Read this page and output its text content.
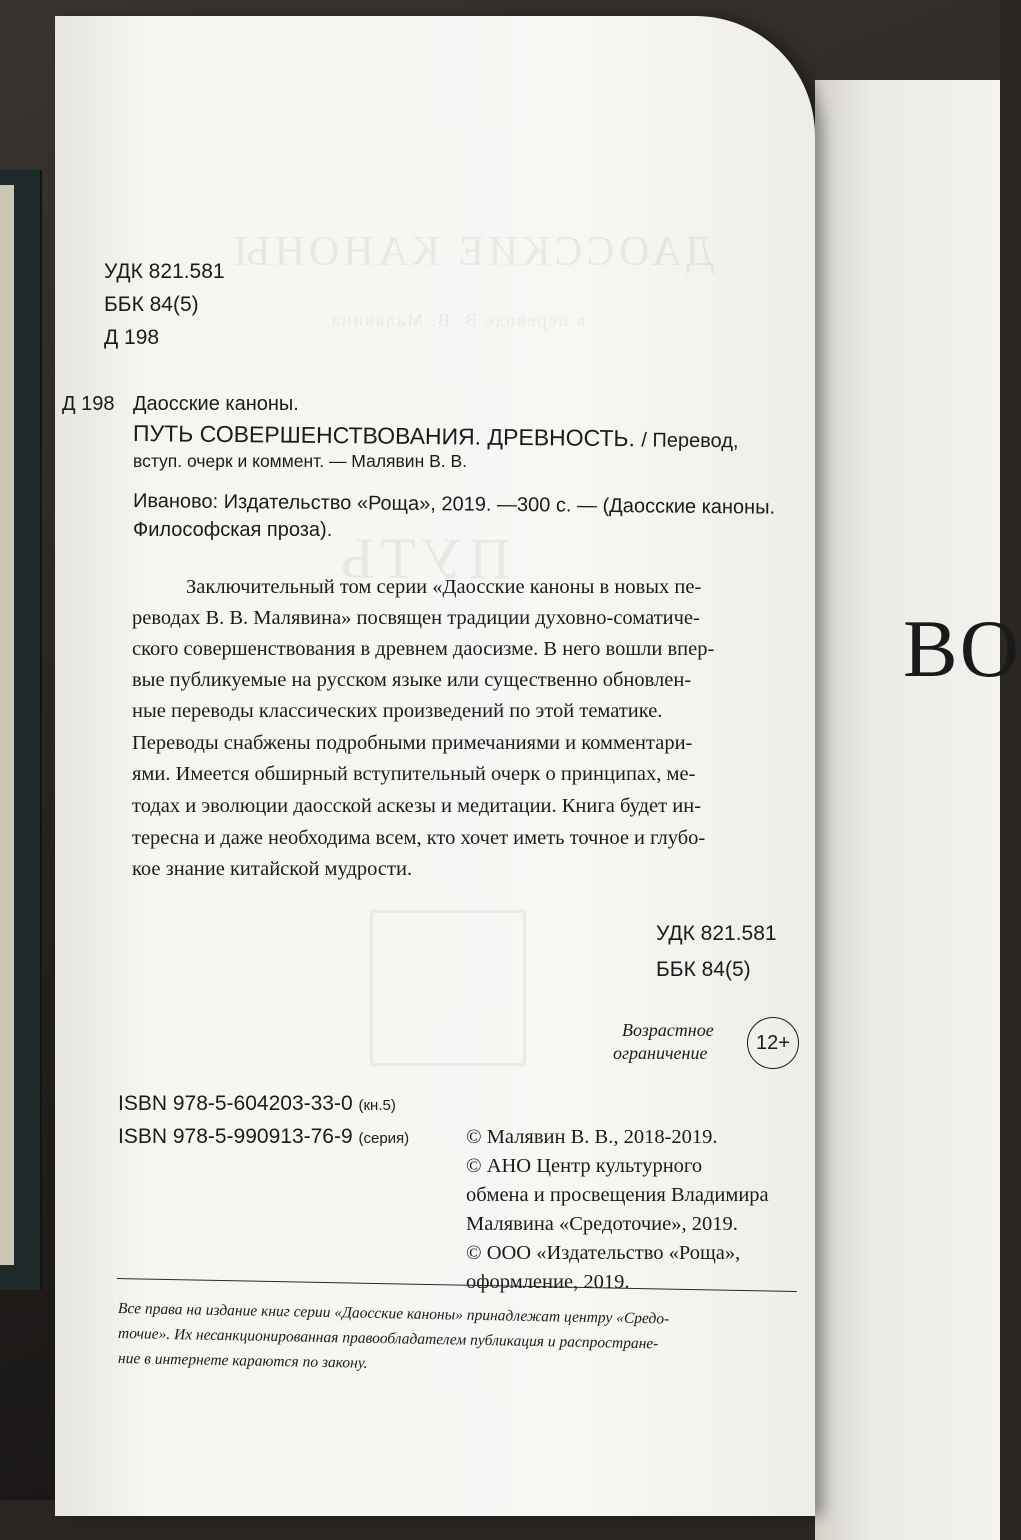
ВО
ДАОССКИЕ КАНОНЫ
в переводе В. В. Малявина
ПУТЬ
УДК 821.581
ББК 84(5)
Д 198
Д 198 Даосские каноны.
ПУТЬ СОВЕРШЕНСТВОВАНИЯ. ДРЕВНОСТЬ. / Перевод,
вступ. очерк и коммент. — Малявин В. В.
Иваново: Издательство «Роща», 2019. —300 с. — (Даосские каноны.
Философская проза).
Заключительный том серии «Даосские каноны в новых пе-
реводах В. В. Малявина» посвящен традиции духовно-соматиче-
ского совершенствования в древнем даосизме. В него вошли впер-
вые публикуемые на русском языке или существенно обновлен-
ные переводы классических произведений по этой тематике.
Переводы снабжены подробными примечаниями и комментари-
ями. Имеется обширный вступительный очерк о принципах, ме-
тодах и эволюции даосской аскезы и медитации. Книга будет ин-
тересна и даже необходима всем, кто хочет иметь точное и глубо-
кое знание китайской мудрости.
УДК 821.581
ББК 84(5)
Возрастное
ограничение 12+
ISBN 978-5-604203-33-0 (кн.5)
ISBN 978-5-990913-76-9 (серия)	© Малявин В. В., 2018-2019.
© АНО Центр культурного
обмена и просвещения Владимира
Малявина «Средоточие», 2019.
© ООО «Издательство «Роща»,
оформление, 2019.
Все права на издание книг серии «Даосские каноны» принадлежат центру «Средо-
точие». Их несанкционированная правообладателем публикация и распростране-
ние в интернете караются по закону.
